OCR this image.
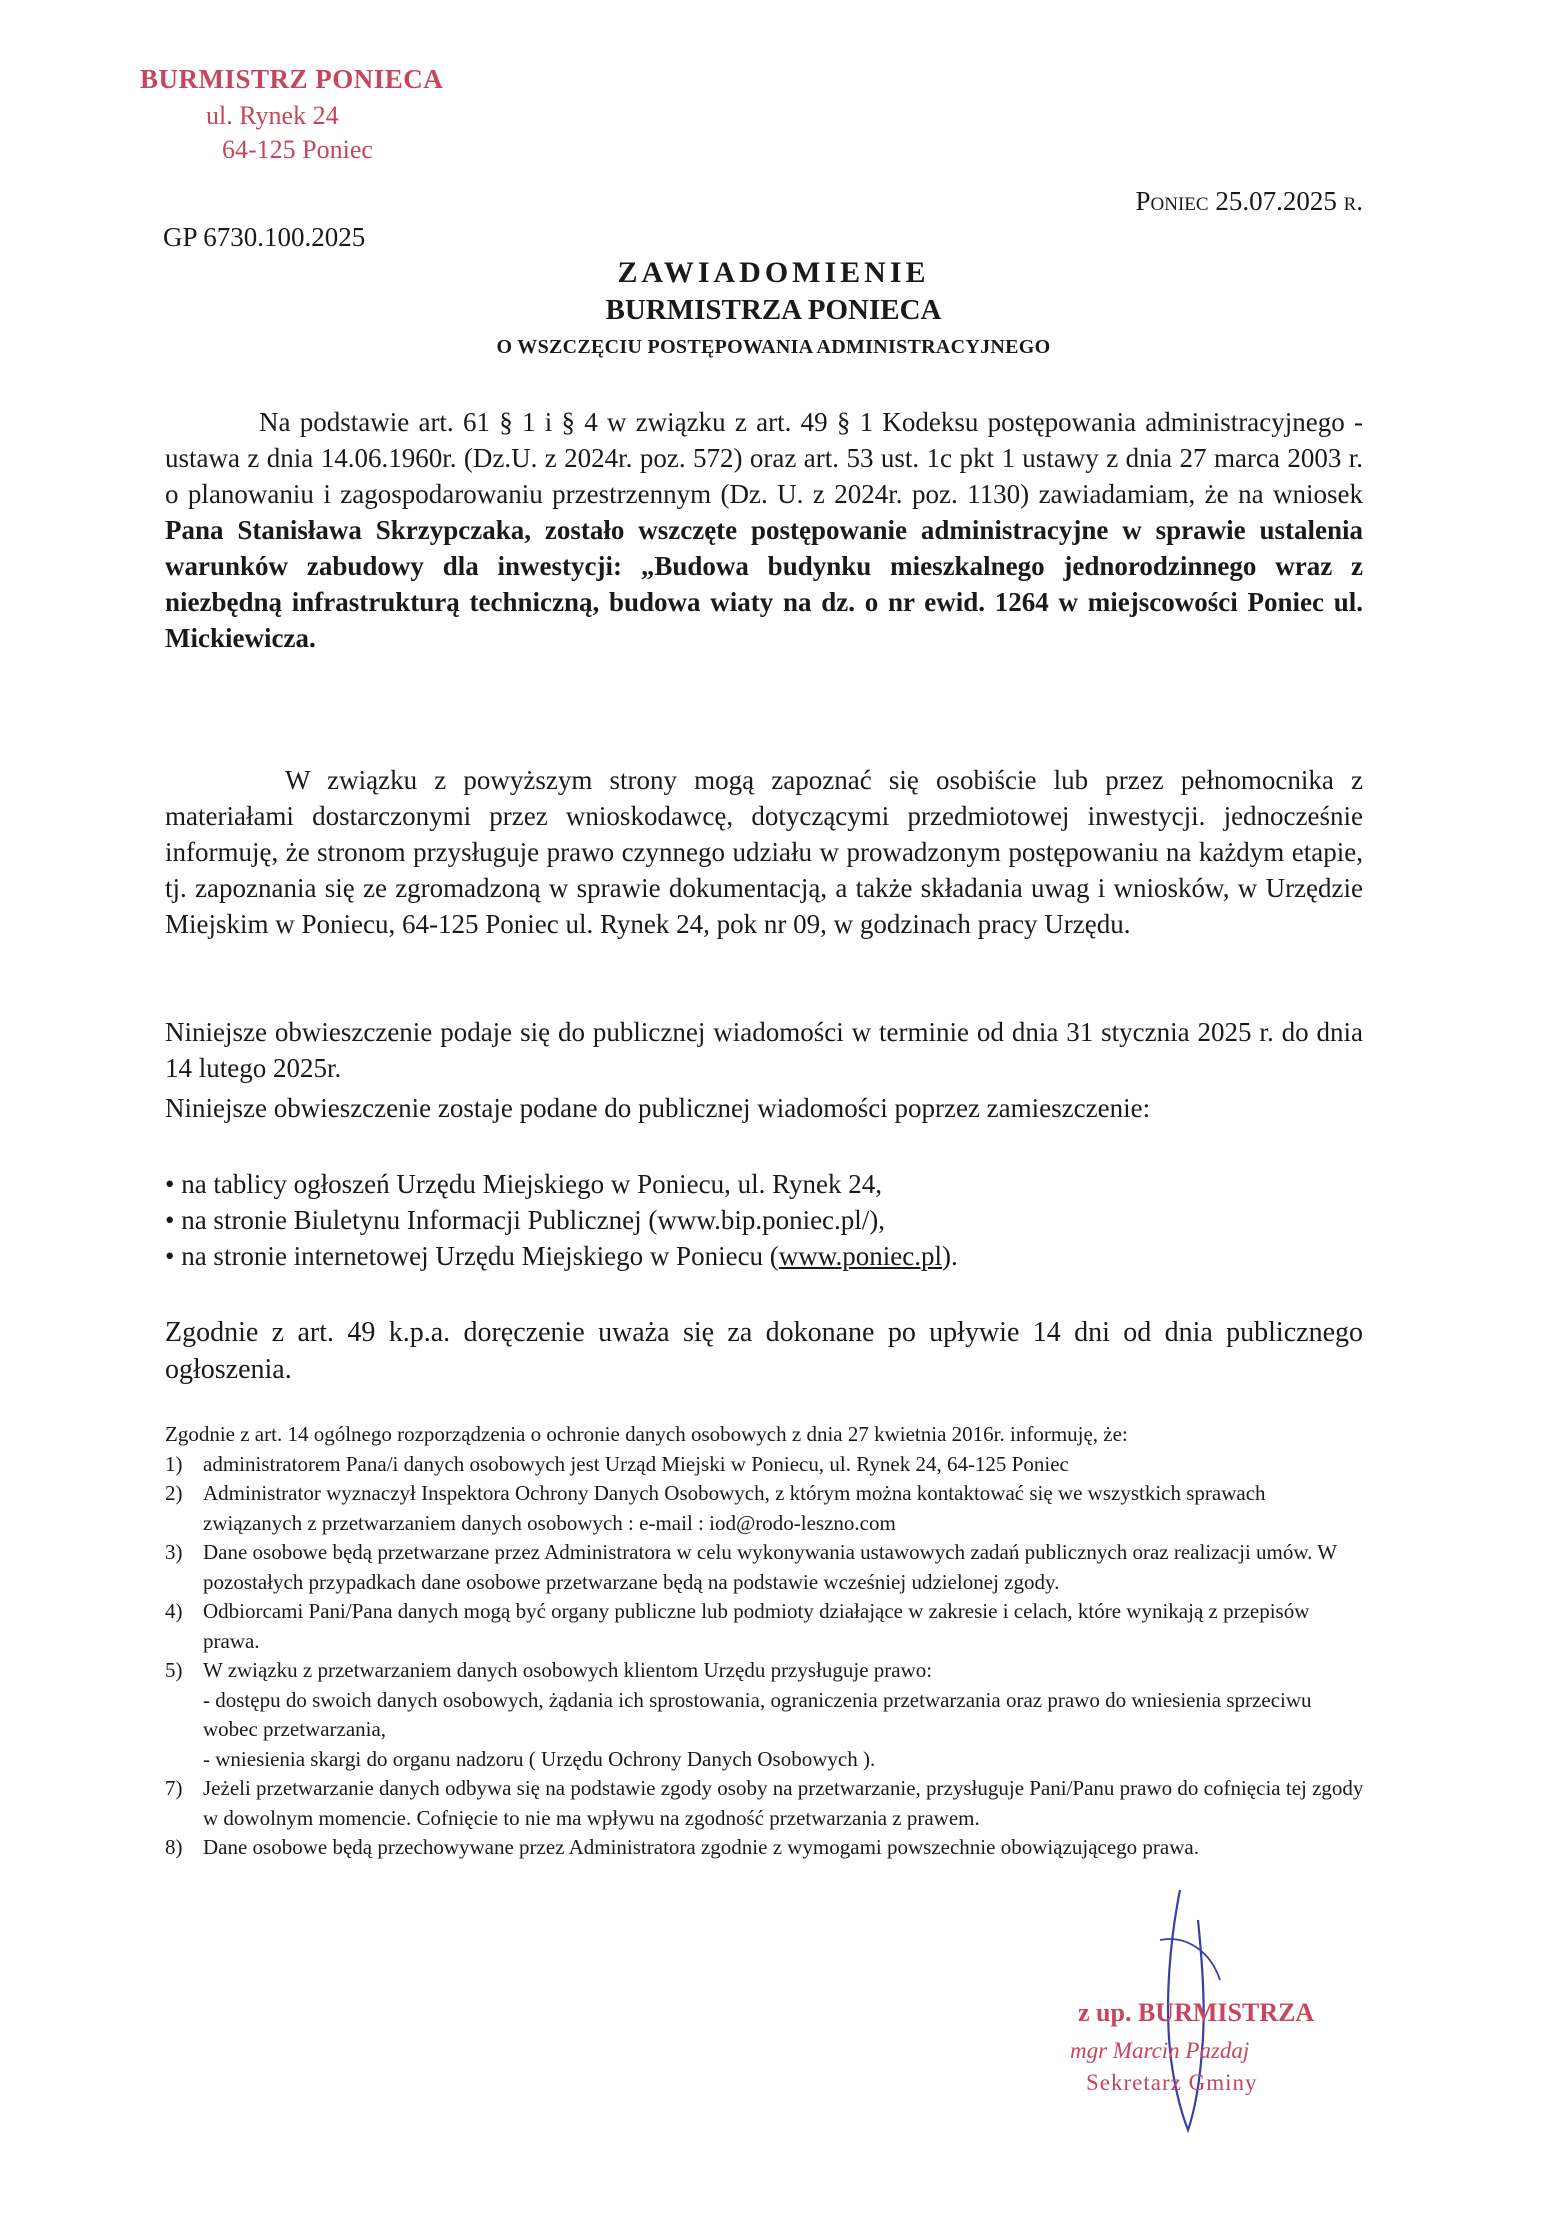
BURMISTRZ PONIECA
ul. Rynek 24
64-125 Poniec
Poniec 25.07.2025 r.
GP 6730.100.2025
ZAWIADOMIENIE
BURMISTRZA PONIECA
O WSZCZĘCIU POSTĘPOWANIA ADMINISTRACYJNEGO
Na podstawie art. 61 § 1 i § 4 w związku z art. 49 § 1 Kodeksu postępowania administracyjnego - ustawa z dnia 14.06.1960r. (Dz.U. z 2024r. poz. 572) oraz art. 53 ust. 1c pkt 1 ustawy z dnia 27 marca 2003 r. o planowaniu i zagospodarowaniu przestrzennym (Dz. U. z 2024r. poz. 1130) zawiadamiam, że na wniosek Pana Stanisława Skrzypczaka, zostało wszczęte postępowanie administracyjne w sprawie ustalenia warunków zabudowy dla inwestycji: „Budowa budynku mieszkalnego jednorodzinnego wraz z niezbędną infrastrukturą techniczną, budowa wiaty na dz. o nr ewid. 1264 w miejscowości Poniec ul. Mickiewicza.
W związku z powyższym strony mogą zapoznać się osobiście lub przez pełnomocnika z materiałami dostarczonymi przez wnioskodawcę, dotyczącymi przedmiotowej inwestycji. jednocześnie informuję, że stronom przysługuje prawo czynnego udziału w prowadzonym postępowaniu na każdym etapie, tj. zapoznania się ze zgromadzoną w sprawie dokumentacją, a także składania uwag i wniosków, w Urzędzie Miejskim w Poniecu, 64-125 Poniec ul. Rynek 24, pok nr 09, w godzinach pracy Urzędu.
Niniejsze obwieszczenie podaje się do publicznej wiadomości w terminie od dnia 31 stycznia 2025 r. do dnia 14 lutego 2025r.
Niniejsze obwieszczenie zostaje podane do publicznej wiadomości poprzez zamieszczenie:
• na tablicy ogłoszeń Urzędu Miejskiego w Poniecu, ul. Rynek 24,
• na stronie Biuletynu Informacji Publicznej (www.bip.poniec.pl/),
• na stronie internetowej Urzędu Miejskiego w Poniecu (www.poniec.pl).
Zgodnie z art. 49 k.p.a. doręczenie uważa się za dokonane po upływie 14 dni od dnia publicznego ogłoszenia.
Zgodnie z art. 14 ogólnego rozporządzenia o ochronie danych osobowych z dnia 27 kwietnia 2016r. informuję, że:
1) administratorem Pana/i danych osobowych jest Urząd Miejski w Poniecu, ul. Rynek 24, 64-125 Poniec
2) Administrator wyznaczył Inspektora Ochrony Danych Osobowych, z którym można kontaktować się we wszystkich sprawach związanych z przetwarzaniem danych osobowych : e-mail : iod@rodo-leszno.com
3) Dane osobowe będą przetwarzane przez Administratora w celu wykonywania ustawowych zadań publicznych oraz realizacji umów. W pozostałych przypadkach dane osobowe przetwarzane będą na podstawie wcześniej udzielonej zgody.
4) Odbiorcami Pani/Pana danych mogą być organy publiczne lub podmioty działające w zakresie i celach, które wynikają z przepisów prawa.
5) W związku z przetwarzaniem danych osobowych klientom Urzędu przysługuje prawo:
- dostępu do swoich danych osobowych, żądania ich sprostowania, ograniczenia przetwarzania oraz prawo do wniesienia sprzeciwu wobec przetwarzania,
- wniesienia skargi do organu nadzoru ( Urzędu Ochrony Danych Osobowych ).
7) Jeżeli przetwarzanie danych odbywa się na podstawie zgody osoby na przetwarzanie, przysługuje Pani/Panu prawo do cofnięcia tej zgody w dowolnym momencie. Cofnięcie to nie ma wpływu na zgodność przetwarzania z prawem.
8) Dane osobowe będą przechowywane przez Administratora zgodnie z wymogami powszechnie obowiązującego prawa.
z up. BURMISTRZA
mgr Marcin Pazdaj
Sekretarz Gminy
